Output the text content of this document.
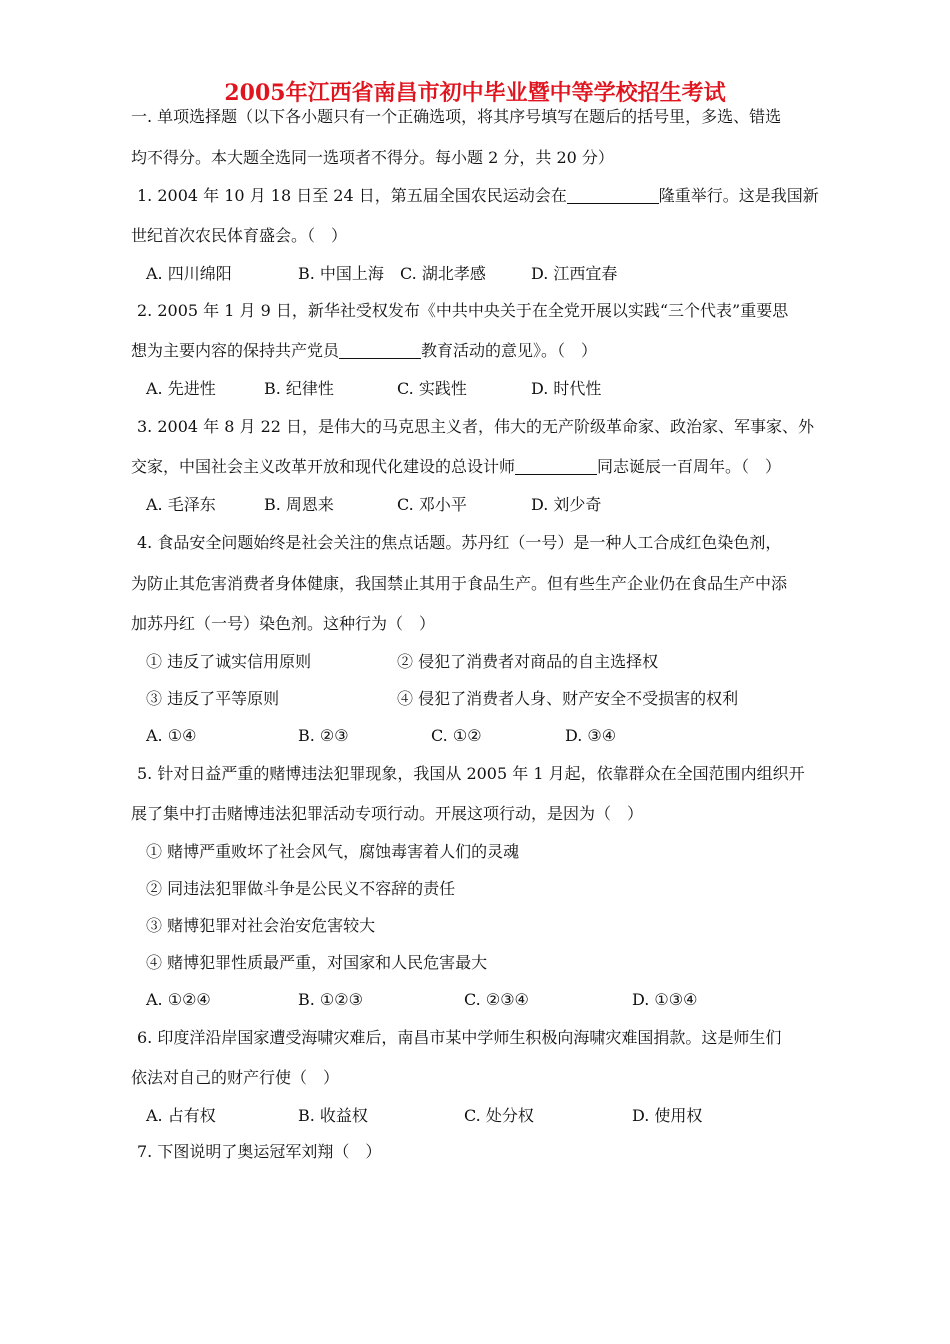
2005年江西省南昌市初中毕业暨中等学校招生考试
一. 单项选择题（以下各小题只有一个正确选项，将其序号填写在题后的括号里，多选、错选
均不得分。本大题全选同一选项者不得分。每小题 2 分，共 20 分）
1. 2004 年 10 月 18 日至 24 日，第五届全国农民运动会在	隆重举行。这是我国新
世纪首次农民体育盛会。（　）
A. 四川绵阳	B. 中国上海 C. 湖北孝感	D. 江西宜春
2. 2005 年 1 月 9 日，新华社受权发布《中共中央关于在全党开展以实践“三个代表”重要思
想为主要内容的保持共产党员	教育活动的意见》。（　）
A. 先进性	B. 纪律性	C. 实践性	D. 时代性
3. 2004 年 8 月 22 日，是伟大的马克思主义者，伟大的无产阶级革命家、政治家、军事家、外
交家，中国社会主义改革开放和现代化建设的总设计师	同志诞辰一百周年。（　）
A. 毛泽东	B. 周恩来	C. 邓小平	D. 刘少奇
4. 食品安全问题始终是社会关注的焦点话题。苏丹红（一号）是一种人工合成红色染色剂，
为防止其危害消费者身体健康，我国禁止其用于食品生产。但有些生产企业仍在食品生产中添
加苏丹红（一号）染色剂。这种行为（　）
① 违反了诚实信用原则	② 侵犯了消费者对商品的自主选择权
③ 违反了平等原则	④ 侵犯了消费者人身、财产安全不受损害的权利
A. ①④	B. ②③	C. ①②	D. ③④
5. 针对日益严重的赌博违法犯罪现象，我国从 2005 年 1 月起，依靠群众在全国范围内组织开
展了集中打击赌博违法犯罪活动专项行动。开展这项行动，是因为（　）
① 赌博严重败坏了社会风气，腐蚀毒害着人们的灵魂
② 同违法犯罪做斗争是公民义不容辞的责任
③ 赌博犯罪对社会治安危害较大
④ 赌博犯罪性质最严重，对国家和人民危害最大
A. ①②④	B. ①②③	C. ②③④	D. ①③④
6. 印度洋沿岸国家遭受海啸灾难后，南昌市某中学师生积极向海啸灾难国捐款。这是师生们
依法对自己的财产行使（　）
A. 占有权	B. 收益权	C. 处分权	D. 使用权
7. 下图说明了奥运冠军刘翔（　）
